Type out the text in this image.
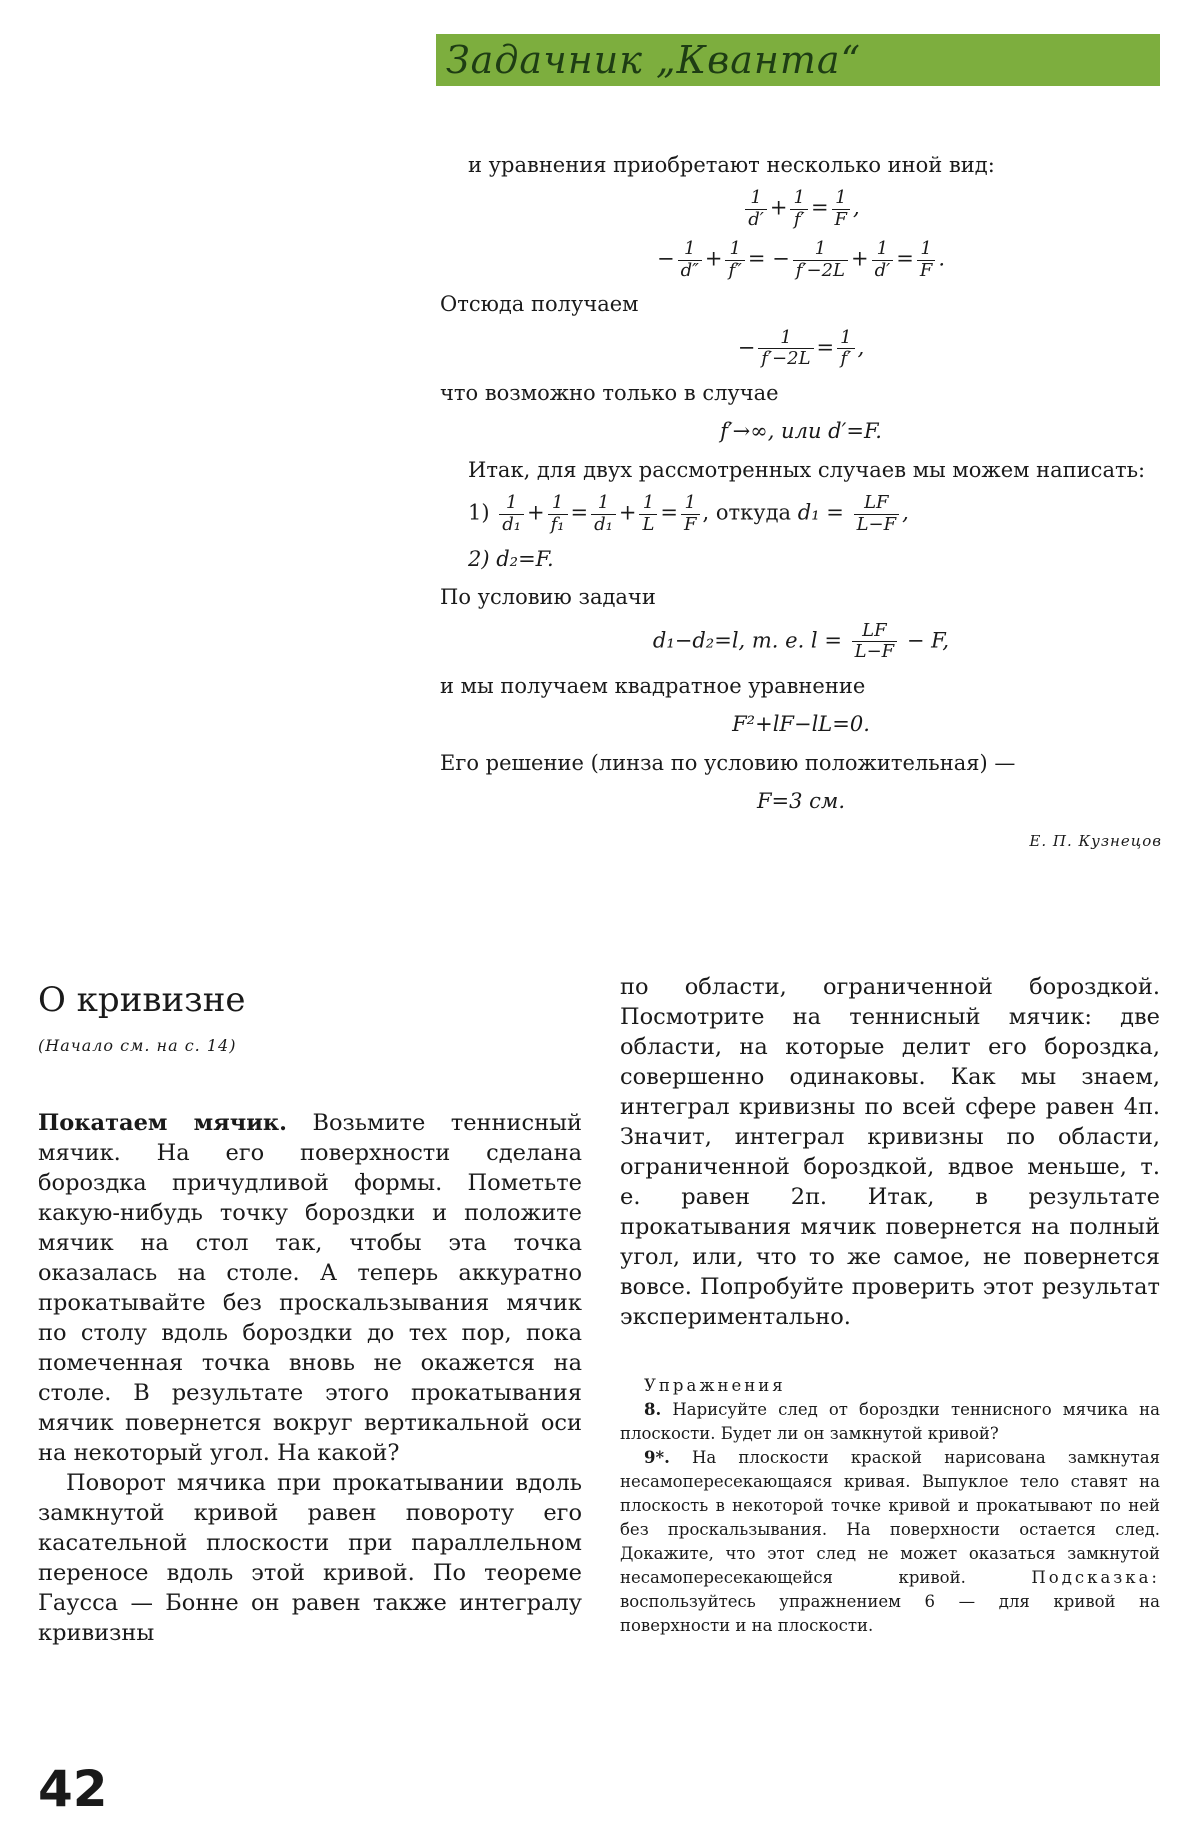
Задачник „Кванта“

и уравнения приобретают несколько иной вид:

$\frac{1}{d'} + \frac{1}{f'} = \frac{1}{F}$ ,
− $\frac{1}{d''} + \frac{1}{f''}$ = − $\frac{1}{f'-2L} + \frac{1}{d'} = \frac{1}{F}$ .

Отсюда получаем

− $\frac{1}{f'-2L} = \frac{1}{f'}$ ,

что возможно только в случае

f′→∞, или d′=F.

Итак, для двух рассмотренных случаев мы можем написать:

$1) \frac{1}{\text{d₁}} + \frac{1}{\text{f₁}} = \frac{1}{\text{d₁}} + \frac{1}{L} = \frac{1}{F}$ , откуда $d_1 = \frac{LF}{L-F}$ ,
2) d₂=F.

По условию задачи

d₁−d₂=l, т. е. $l = \frac{LF}{L-F} - F$,

и мы получаем квадратное уравнение

F²+lF−lL=0.

Его решение (линза по условию положительная) —

F=3 см.
Е. П. Кузнецов
О кривизне
(Начало см. на с. 14)

Покатаем мячик. Возьмите теннисный мячик. На его поверхности сделана бороздка причудливой формы. Пометьте какую-нибудь точку бороздки и положите мячик на стол так, чтобы эта точка оказалась на столе. А теперь аккуратно прокатывайте без проскальзывания мячик по столу вдоль бороздки до тех пор, пока помеченная точка вновь не окажется на столе. В результате этого прокатывания мячик повернется вокруг вертикальной оси на некоторый угол. На какой?

Поворот мячика при прокатывании вдоль замкнутой кривой равен повороту его касательной плоскости при параллельном переносе вдоль этой кривой. По теореме Гаусса — Бонне он равен также интегралу кривизны

по области, ограниченной бороздкой. Посмотрите на теннисный мячик: две области, на которые делит его бороздка, совершенно одинаковы. Как мы знаем, интеграл кривизны по всей сфере равен 4π. Значит, интеграл кривизны по области, ограниченной бороздкой, вдвое меньше, т. е. равен 2π. Итак, в результате прокатывания мячик повернется на полный угол, или, что то же самое, не повернется вовсе. Попробуйте проверить этот результат экспериментально.

Упражнения

8. Нарисуйте след от бороздки теннисного мячика на плоскости. Будет ли он замкнутой кривой?

9*. На плоскости краской нарисована замкнутая несамопересекающаяся кривая. Выпуклое тело ставят на плоскость в некоторой точке кривой и прокатывают по ней без проскальзывания. На поверхности остается след. Докажите, что этот след не может оказаться замкнутой несамопересекающейся кривой.	Подсказка: воспользуйтесь упражнением 6 — для кривой на поверхности и на плоскости.

42
